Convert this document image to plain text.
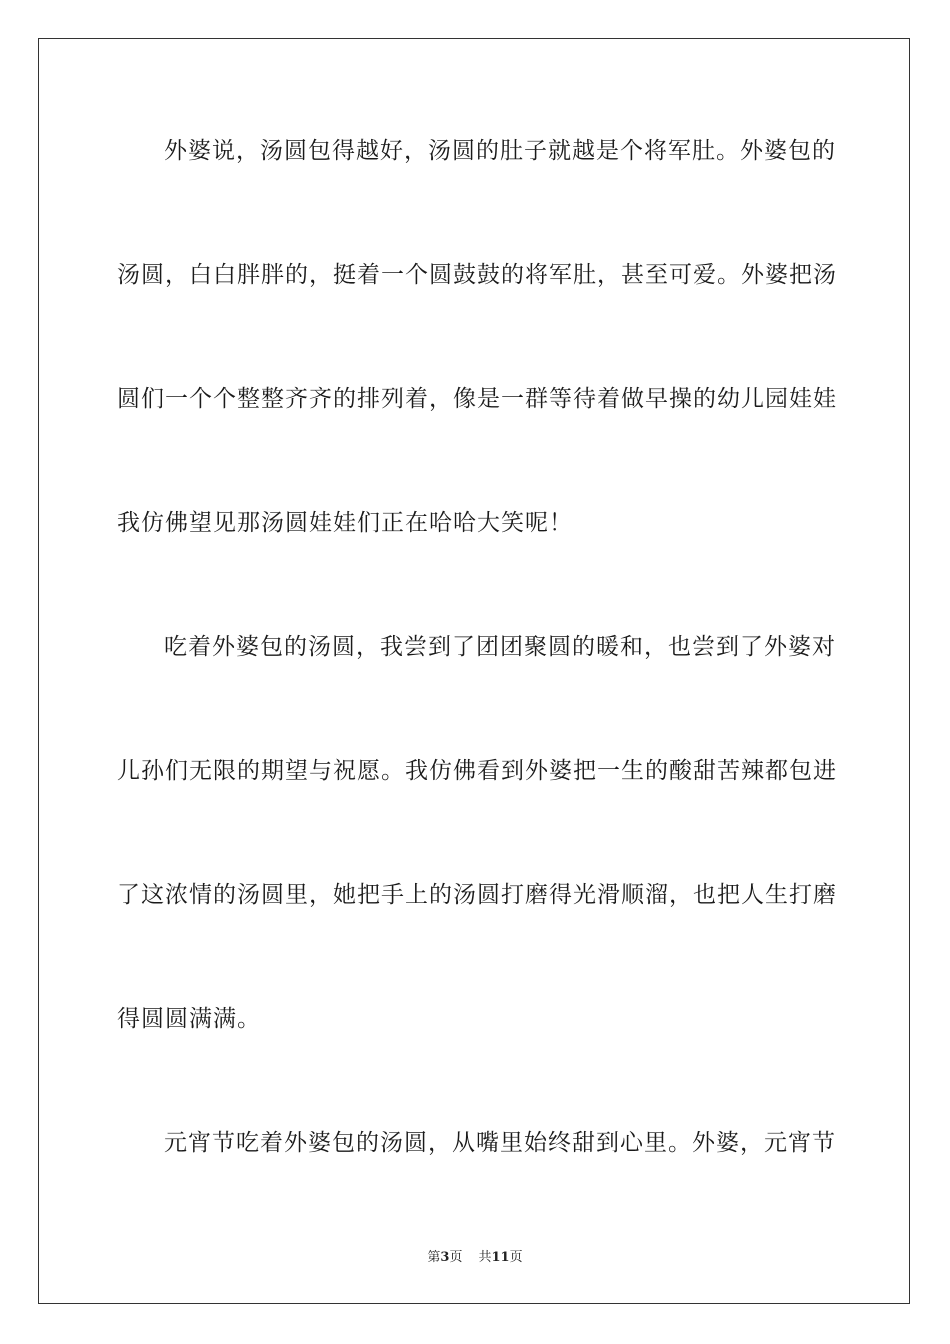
外婆说，汤圆包得越好，汤圆的肚子就越是个将军肚。外婆包的
汤圆，白白胖胖的，挺着一个圆鼓鼓的将军肚，甚至可爱。外婆把汤
圆们一个个整整齐齐的排列着，像是一群等待着做早操的幼儿园娃娃
我仿佛望见那汤圆娃娃们正在哈哈大笑呢！
吃着外婆包的汤圆，我尝到了团团聚圆的暖和，也尝到了外婆对
儿孙们无限的期望与祝愿。我仿佛看到外婆把一生的酸甜苦辣都包进
了这浓情的汤圆里，她把手上的汤圆打磨得光滑顺溜，也把人生打磨
得圆圆满满。
元宵节吃着外婆包的汤圆，从嘴里始终甜到心里。外婆，元宵节
第3页 共11页
